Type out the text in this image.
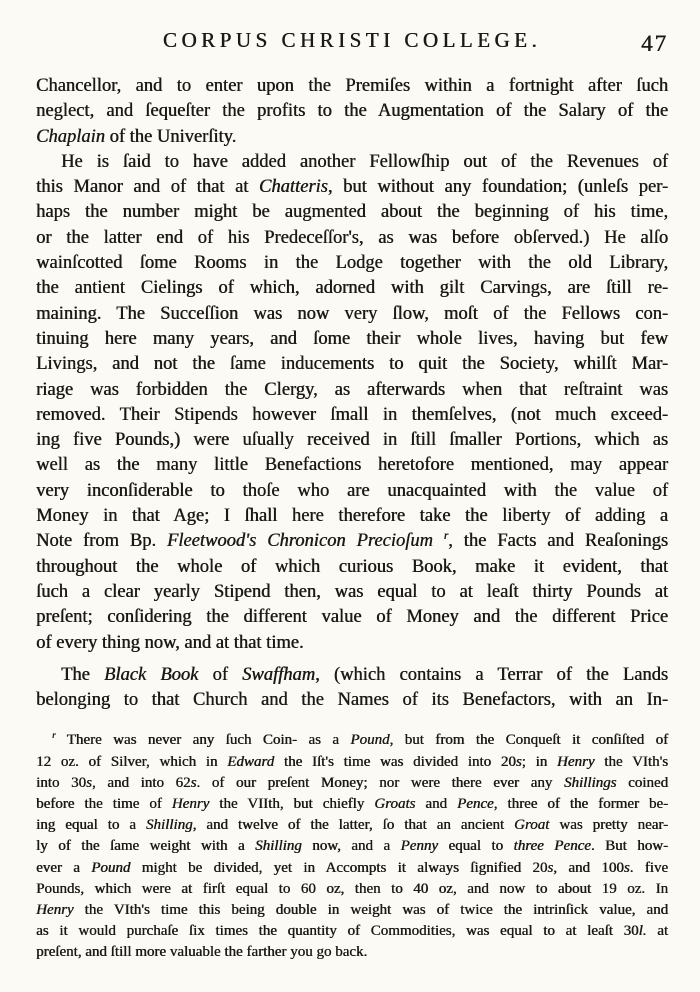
CORPUS CHRISTI COLLEGE.	47
Chancellor, and to enter upon the Premiſes within a fortnight after ſuch
neglect, and ſequeſter the profits to the Augmentation of the Salary of the
Chaplain of the Univerſity.
He is ſaid to have added another Fellowſhip out of the Revenues of
this Manor and of that at Chatteris, but without any foundation; (unleſs per-
haps the number might be augmented about the beginning of his time,
or the latter end of his Predeceſſor's, as was before obſerved.) He alſo
wainſcotted ſome Rooms in the Lodge together with the old Library,
the antient Cielings of which, adorned with gilt Carvings, are ſtill re-
maining. The Succeſſion was now very ſlow, moſt of the Fellows con-
tinuing here many years, and ſome their whole lives, having but few
Livings, and not the ſame inducements to quit the Society, whilſt Mar-
riage was forbidden the Clergy, as afterwards when that reſtraint was
removed. Their Stipends however ſmall in themſelves, (not much exceed-
ing five Pounds,) were uſually received in ſtill ſmaller Portions, which as
well as the many little Benefactions heretofore mentioned, may appear
very inconſiderable to thoſe who are unacquainted with the value of
Money in that Age; I ſhall here therefore take the liberty of adding a
Note from Bp. Fleetwood's Chronicon Precioſum $^r$, the Facts and Reaſonings
throughout the whole of which curious Book, make it evident, that
ſuch a clear yearly Stipend then, was equal to at leaſt thirty Pounds at
preſent; conſidering the different value of Money and the different Price
of every thing now, and at that time.
The Black Book of Swaffham, (which contains a Terrar of the Lands
belonging to that Church and the Names of its Benefactors, with an In-
$^r$ There was never any ſuch Coin- as a Pound, but from the Conqueſt it conſiſted of
12 oz. of Silver, which in Edward the Iſt's time was divided into 20s; in Henry the VIth's
into 30s, and into 62s. of our preſent Money; nor were there ever any Shillings coined
before the time of Henry the VIIth, but chiefly Groats and Pence, three of the former be-
ing equal to a Shilling, and twelve of the latter, ſo that an ancient Groat was pretty near-
ly of the ſame weight with a Shilling now, and a Penny equal to three Pence. But how-
ever a Pound might be divided, yet in Accompts it always ſignified 20s, and 100s. five
Pounds, which were at firſt equal to 60 oz, then to 40 oz, and now to about 19 oz. In
Henry the VIth's time this being double in weight was of twice the intrinſick value, and
as it would purchaſe ſix times the quantity of Commodities, was equal to at leaſt 30l. at
preſent, and ſtill more valuable the farther you go back.
